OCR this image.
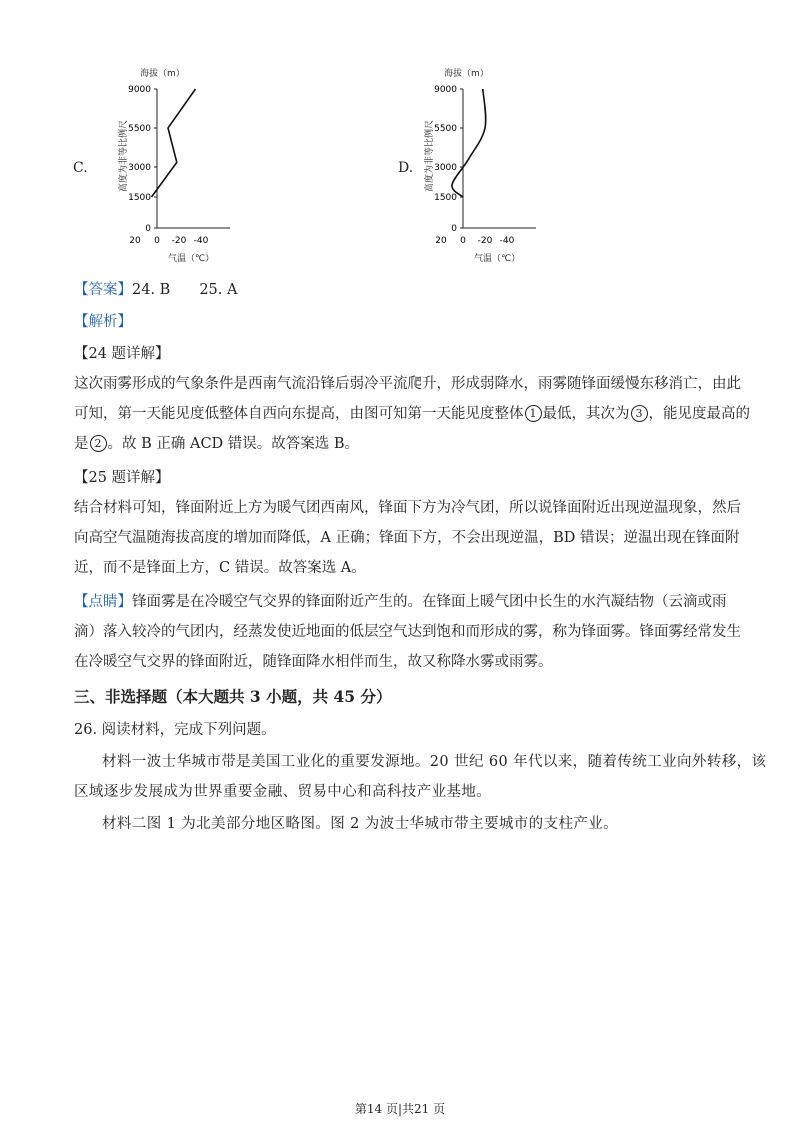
C.
海拔（m）
高度为非等比例尺
0
1500
3000
5500
9000
20 0 -20 -40
气温（℃）
D.
海拔（m）
高度为非等比例尺
0
1500
3000
5500
9000
20 0 -20 -40
气温（℃）
【答案】24. B　　25. A
【解析】
【24 题详解】
这次雨雾形成的气象条件是西南气流沿锋后弱冷平流爬升，形成弱降水，雨雾随锋面缓慢东移消亡，由此
可知，第一天能见度低整体自西向东提高，由图可知第一天能见度整体 1 最低，其次为 3 ，能见度最高的
是 2 。故 B 正确 ACD 错误。故答案选 B。
【25 题详解】
结合材料可知，锋面附近上方为暖气团西南风，锋面下方为冷气团，所以说锋面附近出现逆温现象，然后
向高空气温随海拔高度的增加而降低，A 正确；锋面下方，不会出现逆温，BD 错误；逆温出现在锋面附
近，而不是锋面上方，C 错误。故答案选 A。
【点睛】锋面雾是在冷暖空气交界的锋面附近产生的。在锋面上暖气团中长生的水汽凝结物（云滴或雨
滴）落入较冷的气团内，经蒸发使近地面的低层空气达到饱和而形成的雾，称为锋面雾。锋面雾经常发生
在冷暖空气交界的锋面附近，随锋面降水相伴而生，故又称降水雾或雨雾。
三、非选择题（本大题共 3 小题，共 45 分）
26. 阅读材料，完成下列问题。
材料一波士华城市带是美国工业化的重要发源地。20 世纪 60 年代以来，随着传统工业向外转移，该
区域逐步发展成为世界重要金融、贸易中心和高科技产业基地。
材料二图 1 为北美部分地区略图。图 2 为波士华城市带主要城市的支柱产业。
第14 页|共21 页
